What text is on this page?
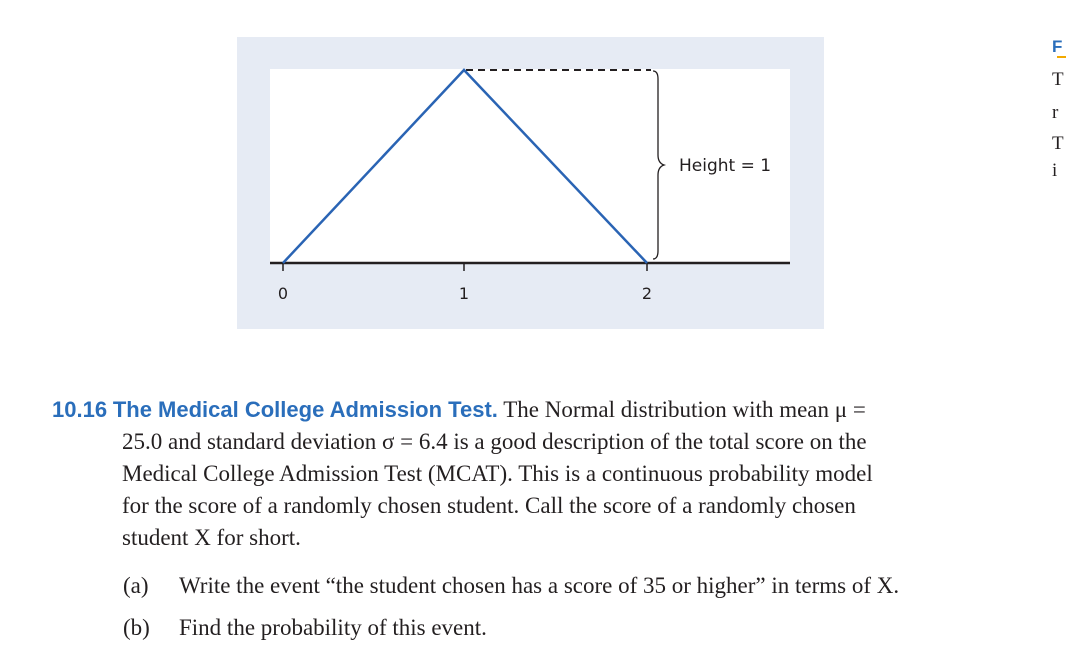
0	1	2
Height = 1
F
T
r
T
i
10.16 The Medical College Admission Test. The Normal distribution with mean μ =
25.0 and standard deviation σ = 6.4 is a good description of the total score on the
Medical College Admission Test (MCAT). This is a continuous probability model
for the score of a randomly chosen student. Call the score of a randomly chosen
student X for short.
(a) Write the event “the student chosen has a score of 35 or higher” in terms of X.
(b) Find the probability of this event.
